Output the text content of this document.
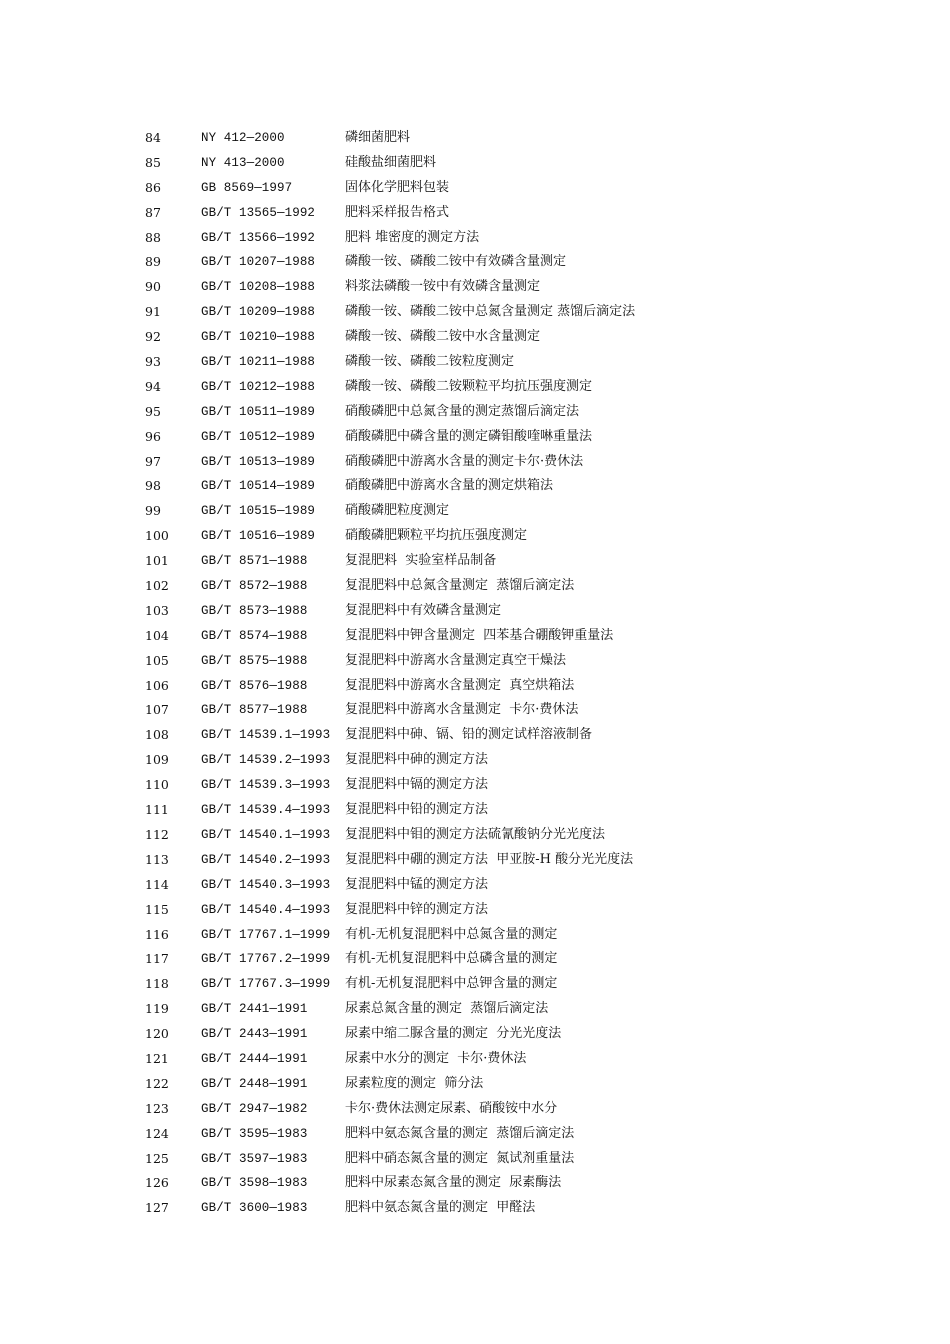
84	NY 412—2000	磷细菌肥料
85	NY 413—2000	硅酸盐细菌肥料
86	GB 8569—1997	固体化学肥料包装
87	GB/T 13565—1992 肥料采样报告格式
88	GB/T 13566—1992 肥料 堆密度的测定方法
89	GB/T 10207—1988 磷酸一铵、磷酸二铵中有效磷含量测定
90	GB/T 10208—1988 料浆法磷酸一铵中有效磷含量测定
91	GB/T 10209—1988 磷酸一铵、磷酸二铵中总氮含量测定 蒸馏后滴定法
92	GB/T 10210—1988 磷酸一铵、磷酸二铵中水含量测定
93	GB/T 10211—1988 磷酸一铵、磷酸二铵粒度测定
94	GB/T 10212—1988 磷酸一铵、磷酸二铵颗粒平均抗压强度测定
95	GB/T 10511—1989 硝酸磷肥中总氮含量的测定蒸馏后滴定法
96	GB/T 10512—1989 硝酸磷肥中磷含量的测定磷钼酸喹啉重量法
97	GB/T 10513—1989 硝酸磷肥中游离水含量的测定卡尔·费休法
98	GB/T 10514—1989 硝酸磷肥中游离水含量的测定烘箱法
99	GB/T 10515—1989 硝酸磷肥粒度测定
100	GB/T 10516—1989 硝酸磷肥颗粒平均抗压强度测定
101	GB/T 8571—1988	复混肥料  实验室样品制备
102	GB/T 8572—1988	复混肥料中总氮含量测定  蒸馏后滴定法
103	GB/T 8573—1988	复混肥料中有效磷含量测定
104	GB/T 8574—1988	复混肥料中钾含量测定  四苯基合硼酸钾重量法
105	GB/T 8575—1988	复混肥料中游离水含量测定真空干燥法
106	GB/T 8576—1988	复混肥料中游离水含量测定  真空烘箱法
107	GB/T 8577—1988	复混肥料中游离水含量测定  卡尔·费休法
108	GB/T 14539.1—1993 复混肥料中砷、镉、铅的测定试样溶液制备
109	GB/T 14539.2—1993 复混肥料中砷的测定方法
110	GB/T 14539.3—1993 复混肥料中镉的测定方法
111	GB/T 14539.4—1993 复混肥料中铅的测定方法
112	GB/T 14540.1—1993 复混肥料中钼的测定方法硫氰酸钠分光光度法
113	GB/T 14540.2—1993 复混肥料中硼的测定方法  甲亚胺-H 酸分光光度法
114	GB/T 14540.3—1993 复混肥料中锰的测定方法
115	GB/T 14540.4—1993 复混肥料中锌的测定方法
116	GB/T 17767.1—1999 有机-无机复混肥料中总氮含量的测定
117	GB/T 17767.2—1999 有机-无机复混肥料中总磷含量的测定
118	GB/T 17767.3—1999 有机-无机复混肥料中总钾含量的测定
119	GB/T 2441—1991	尿素总氮含量的测定  蒸馏后滴定法
120	GB/T 2443—1991	尿素中缩二脲含量的测定  分光光度法
121	GB/T 2444—1991	尿素中水分的测定  卡尔·费休法
122	GB/T 2448—1991	尿素粒度的测定  筛分法
123	GB/T 2947—1982	卡尔·费休法测定尿素、硝酸铵中水分
124	GB/T 3595—1983	肥料中氨态氮含量的测定  蒸馏后滴定法
125	GB/T 3597—1983	肥料中硝态氮含量的测定  氮试剂重量法
126	GB/T 3598—1983	肥料中尿素态氮含量的测定  尿素酶法
127	GB/T 3600—1983	肥料中氨态氮含量的测定  甲醛法
